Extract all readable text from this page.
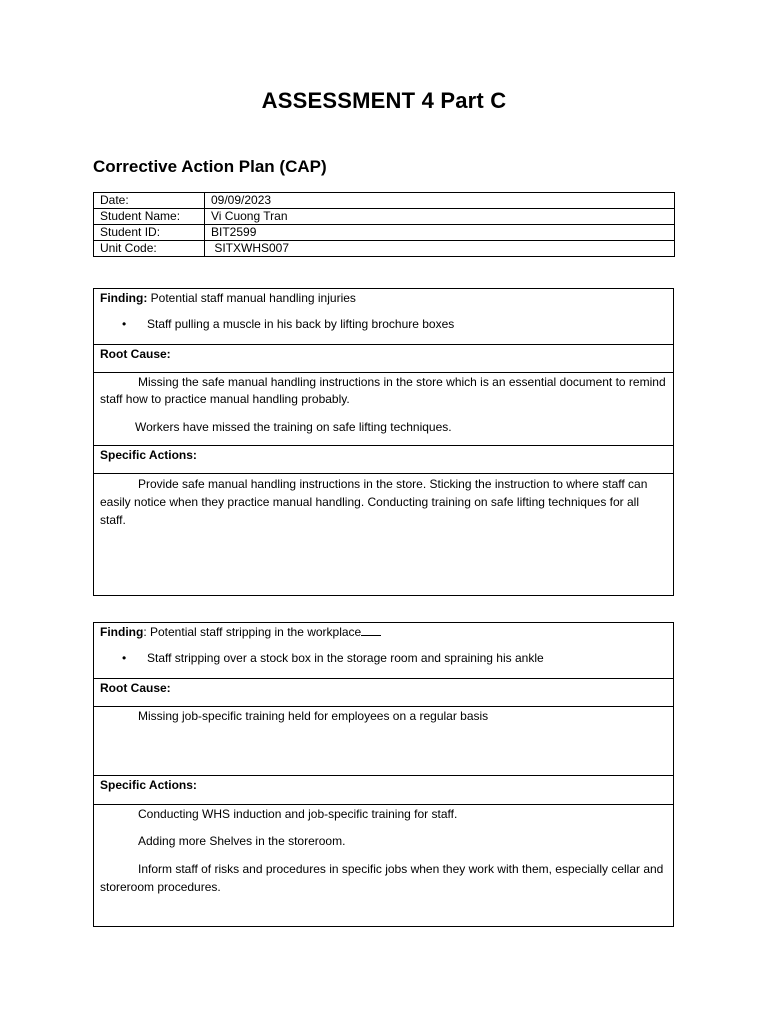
ASSESSMENT 4 Part C
Corrective Action Plan (CAP)
Date:	09/09/2023
Student Name:	Vi Cuong Tran
Student ID:	BIT2599
Unit Code:	SITXWHS007

Finding: Potential staff manual handling injuries

•	Staff pulling a muscle in his back by lifting brochure boxes

Root Cause:

Missing the safe manual handling instructions in the store which is an essential document to remind staff how to practice manual handling probably.

Workers have missed the training on safe lifting techniques.

Specific Actions:

Provide safe manual handling instructions in the store. Sticking the instruction to where staff can easily notice when they practice manual handling. Conducting training on safe lifting techniques for all staff.

Finding: Potential staff stripping in the workplace

•	Staff stripping over a stock box in the storage room and spraining his ankle

Root Cause:

Missing job-specific training held for employees on a regular basis

Specific Actions:

Conducting WHS induction and job-specific training for staff.

Adding more Shelves in the storeroom.

Inform staff of risks and procedures in specific jobs when they work with them, especially cellar and storeroom procedures.
